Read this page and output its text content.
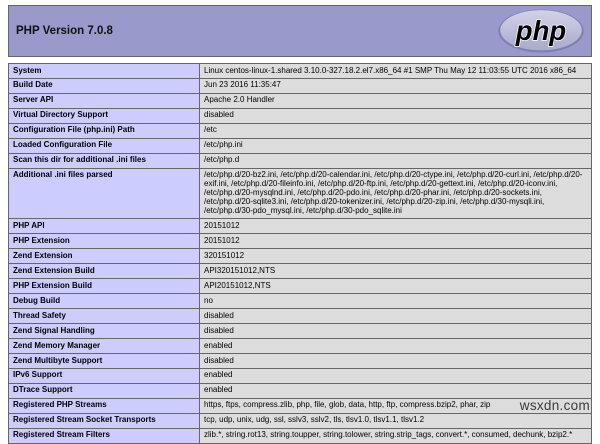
PHP Version 7.0.8	php
System	Linux centos-linux-1.shared 3.10.0-327.18.2.el7.x86_64 #1 SMP Thu May 12 11:03:55 UTC 2016 x86_64
Build Date	Jun 23 2016 11:35:47
Server API	Apache 2.0 Handler
Virtual Directory Support	disabled
Configuration File (php.ini) Path	/etc
Loaded Configuration File	/etc/php.ini
Scan this dir for additional .ini files	/etc/php.d
Additional .ini files parsed	/etc/php.d/20-bz2.ini, /etc/php.d/20-calendar.ini, /etc/php.d/20-ctype.ini, /etc/php.d/20-curl.ini, /etc/php.d/20-exif.ini, /etc/php.d/20-fileinfo.ini, /etc/php.d/20-ftp.ini, /etc/php.d/20-gettext.ini, /etc/php.d/20-iconv.ini, /etc/php.d/20-mysqlnd.ini, /etc/php.d/20-pdo.ini, /etc/php.d/20-phar.ini, /etc/php.d/20-sockets.ini, /etc/php.d/20-sqlite3.ini, /etc/php.d/20-tokenizer.ini, /etc/php.d/20-zip.ini, /etc/php.d/30-mysqli.ini, /etc/php.d/30-pdo_mysql.ini, /etc/php.d/30-pdo_sqlite.ini
PHP API	20151012
PHP Extension	20151012
Zend Extension	320151012
Zend Extension Build	API320151012,NTS
PHP Extension Build	API20151012,NTS
Debug Build	no
Thread Safety	disabled
Zend Signal Handling	disabled
Zend Memory Manager	enabled
Zend Multibyte Support	disabled
IPv6 Support	enabled
DTrace Support	enabled
Registered PHP Streams	https, ftps, compress.zlib, php, file, glob, data, http, ftp, compress.bzip2, phar, zip
Registered Stream Socket Transports	tcp, udp, unix, udg, ssl, sslv3, sslv2, tls, tlsv1.0, tlsv1.1, tlsv1.2
Registered Stream Filters	zlib.*, string.rot13, string.toupper, string.tolower, string.strip_tags, convert.*, consumed, dechunk, bzip2.*
wsxdn.com
